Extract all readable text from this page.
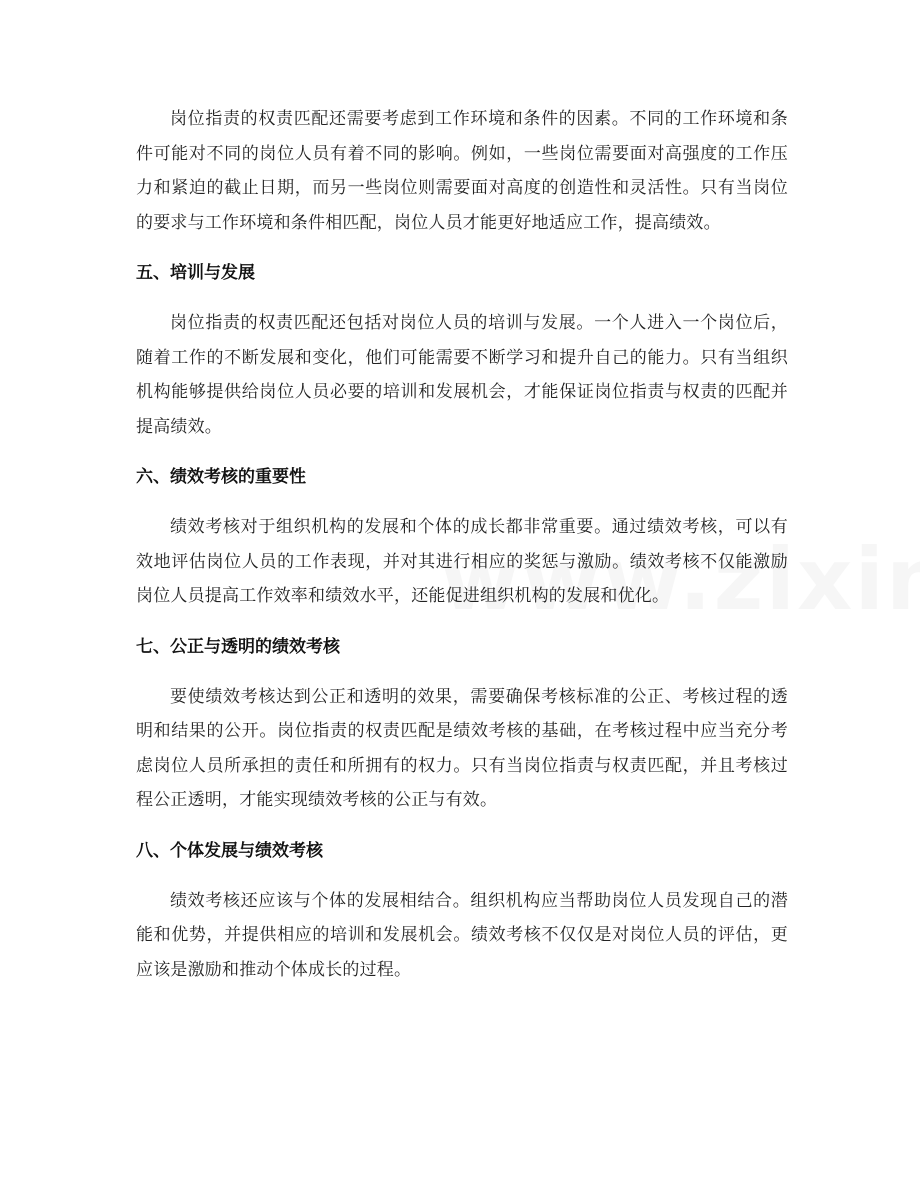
岗位指责的权责匹配还需要考虑到工作环境和条件的因素。不同的工作环境和条件可能对不同的岗位人员有着不同的影响。例如，一些岗位需要面对高强度的工作压力和紧迫的截止日期，而另一些岗位则需要面对高度的创造性和灵活性。只有当岗位的要求与工作环境和条件相匹配，岗位人员才能更好地适应工作，提高绩效。

五、培训与发展

岗位指责的权责匹配还包括对岗位人员的培训与发展。一个人进入一个岗位后，随着工作的不断发展和变化，他们可能需要不断学习和提升自己的能力。只有当组织机构能够提供给岗位人员必要的培训和发展机会，才能保证岗位指责与权责的匹配并提高绩效。

六、绩效考核的重要性

绩效考核对于组织机构的发展和个体的成长都非常重要。通过绩效考核，可以有效地评估岗位人员的工作表现，并对其进行相应的奖惩与激励。绩效考核不仅能激励岗位人员提高工作效率和绩效水平，还能促进组织机构的发展和优化。

七、公正与透明的绩效考核

要使绩效考核达到公正和透明的效果，需要确保考核标准的公正、考核过程的透明和结果的公开。岗位指责的权责匹配是绩效考核的基础，在考核过程中应当充分考虑岗位人员所承担的责任和所拥有的权力。只有当岗位指责与权责匹配，并且考核过程公正透明，才能实现绩效考核的公正与有效。

八、个体发展与绩效考核

绩效考核还应该与个体的发展相结合。组织机构应当帮助岗位人员发现自己的潜能和优势，并提供相应的培训和发展机会。绩效考核不仅仅是对岗位人员的评估，更应该是激励和推动个体成长的过程。
